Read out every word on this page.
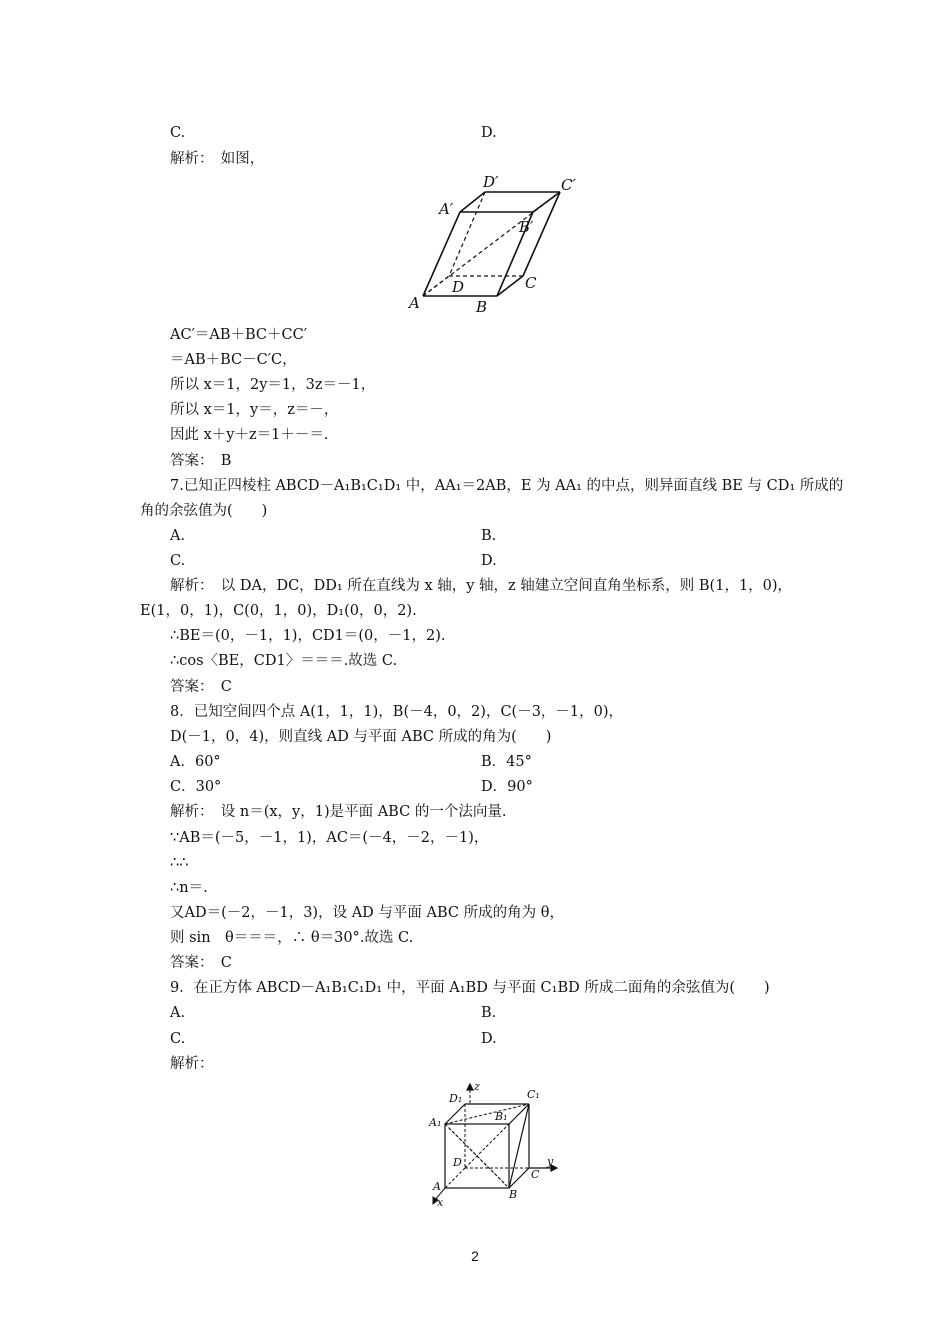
C.	D.
解析：　如图，
A′
D′	C′
B′
A
D	C
B
AC′＝AB＋BC＋CC′
＝AB＋BC－C′C，
所以 x＝1，2y＝1，3z＝－1，
所以 x＝1，y＝，z＝－，
因此 x＋y＋z＝1＋－＝.
答案：　B
7.已知正四棱柱 ABCD－A₁B₁C₁D₁ 中，AA₁＝2AB，E 为 AA₁ 的中点，则异面直线 BE 与 CD₁ 所成的
角的余弦值为(　　)
A.	B.
C.	D.
解析：　以 DA，DC，DD₁ 所在直线为 x 轴，y 轴，z 轴建立空间直角坐标系，则 B(1，1，0)，
E(1，0，1)，C(0，1，0)，D₁(0，0，2).
∴BE＝(0，－1，1)，CD1＝(0，－1，2).
∴cos〈BE，CD1〉＝＝＝.故选 C.
答案：　C
8．已知空间四个点 A(1，1，1)，B(－4，0，2)，C(－3，－1，0)，
D(－1，0，4)，则直线 AD 与平面 ABC 所成的角为(　　)
A．60°	B．45°
C．30°	D．90°
解析：　设 n＝(x，y，1)是平面 ABC 的一个法向量.
∵AB＝(－5，－1，1)，AC＝(－4，－2，－1)，
∴∴
∴n＝.
又AD＝(－2，－1，3)，设 AD 与平面 ABC 所成的角为 θ，
则 sin　θ＝＝＝，∴ θ＝30°.故选 C.
答案：　C
9．在正方体 ABCD－A₁B₁C₁D₁ 中，平面 A₁BD 与平面 C₁BD 所成二面角的余弦值为(　　)
A.	B.
C.	D.
解析：
D₁	C₁
A₁	B₁
D
C
A
B
z
y
x
2
